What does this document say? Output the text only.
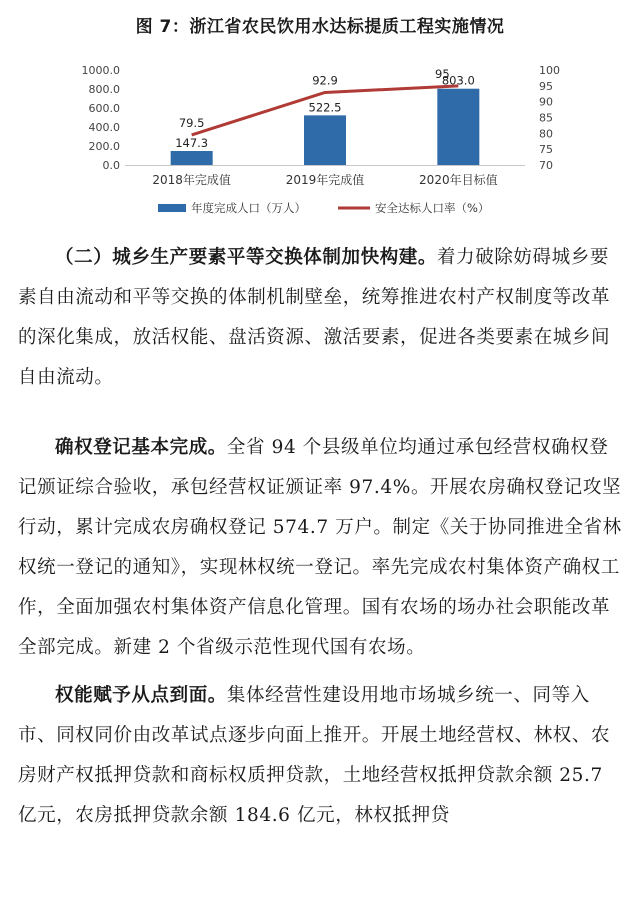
图 7：浙江省农民饮用水达标提质工程实施情况
0.0
200.0
400.0
600.0
800.0
1000.0
70
75
80
85
90
95
100
147.3
522.5
803.0
79.5
92.9	95
2018年完成值	2019年完成值	2020年目标值
年度完成人口（万人）	安全达标人口率（%）

（二）城乡生产要素平等交换体制加快构建。着力破除妨碍城乡要素自由流动和平等交换的体制机制壁垒，统筹推进农村产权制度等改革的深化集成，放活权能、盘活资源、激活要素，促进各类要素在城乡间自由流动。

确权登记基本完成。全省 94 个县级单位均通过承包经营权确权登记颁证综合验收，承包经营权证颁证率 97.4%。开展农房确权登记攻坚行动，累计完成农房确权登记 574.7 万户。制定《关于协同推进全省林权统一登记的通知》，实现林权统一登记。率先完成农村集体资产确权工作，全面加强农村集体资产信息化管理。国有农场的场办社会职能改革全部完成。新建 2 个省级示范性现代国有农场。

权能赋予从点到面。集体经营性建设用地市场城乡统一、同等入市、同权同价由改革试点逐步向面上推开。开展土地经营权、林权、农房财产权抵押贷款和商标权质押贷款，土地经营权抵押贷款余额 25.7 亿元，农房抵押贷款余额 184.6 亿元，林权抵押贷
